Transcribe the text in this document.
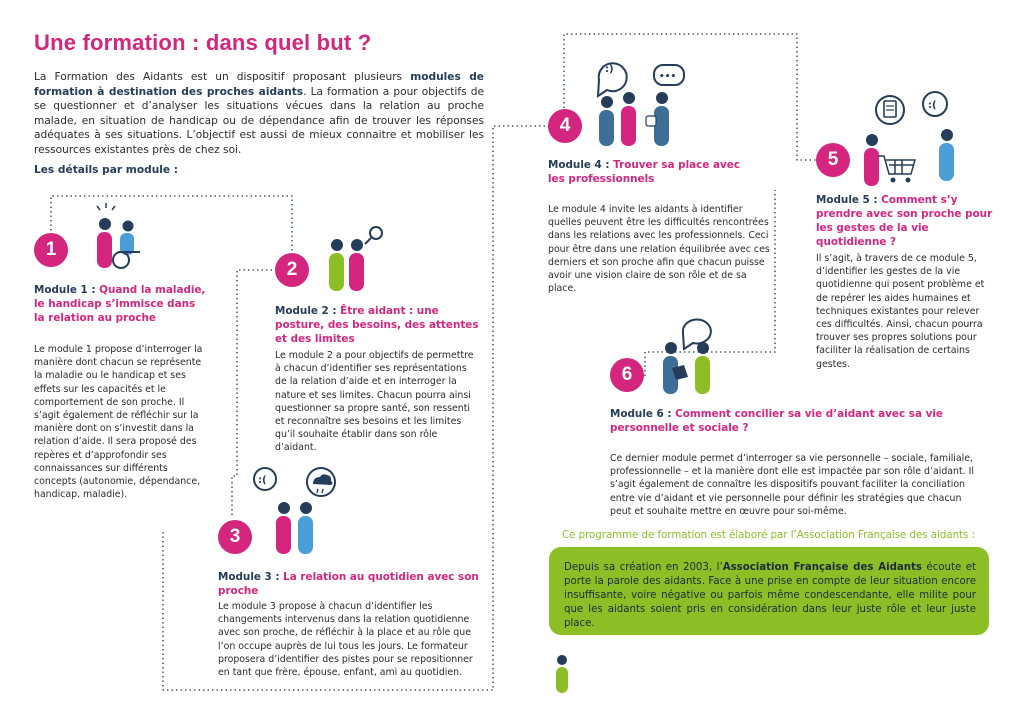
:(
:)
•••
:(
Une formation : dans quel but ?
La Formation des Aidants est un dispositif proposant plusieurs modules de formation à destination des proches aidants. La formation a pour objectifs de se questionner et d’analyser les situations vécues dans la relation au proche malade, en situation de handicap ou de dépendance afin de trouver les réponses adéquates à ses situations. L’objectif est aussi de mieux connaitre et mobiliser les ressources existantes près de chez soi.
Les détails par module :
1
Module 1 : Quand la maladie, le handicap s’immisce dans la relation au proche
Le module 1 propose d’interroger la manière dont chacun se représente la maladie ou le handicap et ses effets sur les capacités et le comportement de son proche. Il s’agit également de réfléchir sur la manière dont on s’investit dans la relation d’aide. Il sera proposé des repères et d’approfondir ses connaissances sur différents concepts (autonomie, dépendance, handicap, maladie).
2
Module 2 : Être aidant : une posture, des besoins, des attentes et des limites
Le module 2 a pour objectifs de permettre à chacun d’identifier ses représentations de la relation d’aide et en interroger la nature et ses limites. Chacun pourra ainsi questionner sa propre santé, son ressenti et reconnaître ses besoins et les limites qu’il souhaite établir dans son rôle d’aidant.
3
Module 3 : La relation au quotidien avec son proche
Le module 3 propose à chacun d’identifier les changements intervenus dans la relation quotidienne avec son proche, de réfléchir à la place et au rôle que l’on occupe auprès de lui tous les jours. Le formateur proposera d’identifier des pistes pour se repositionner en tant que frère, épouse, enfant, ami au quotidien.
4
Module 4 : Trouver sa place avec les professionnels
Le module 4 invite les aidants à identifier quelles peuvent être les difficultés rencontrées dans les relations avec les professionnels. Ceci pour être dans une relation équilibrée avec ces derniers et son proche afin que chacun puisse avoir une vision claire de son rôle et de sa place.
5
Module 5 : Comment s’y prendre avec son proche pour les gestes de la vie quotidienne ?
Il s’agit, à travers de ce module 5, d’identifier les gestes de la vie quotidienne qui posent problème et de repérer les aides humaines et techniques existantes pour relever ces difficultés. Ainsi, chacun pourra trouver ses propres solutions pour faciliter la réalisation de certains gestes.
6
Module 6 : Comment concilier sa vie d’aidant avec sa vie personnelle et sociale ?
Ce dernier module permet d’interroger sa vie personnelle – sociale, familiale, professionnelle – et la manière dont elle est impactée par son rôle d’aidant. Il s’agit également de connaître les dispositifs pouvant faciliter la conciliation entre vie d’aidant et vie personnelle pour définir les stratégies que chacun peut et souhaite mettre en œuvre pour soi-même.
Ce programme de formation est élaboré par l’Association Française des aidants :
Depuis sa création en 2003, l’Association Française des Aidants écoute et porte la parole des aidants. Face à une prise en compte de leur situation encore insuffisante, voire négative ou parfois même condescendante, elle milite pour que les aidants soient pris en considération dans leur juste rôle et leur juste place.
